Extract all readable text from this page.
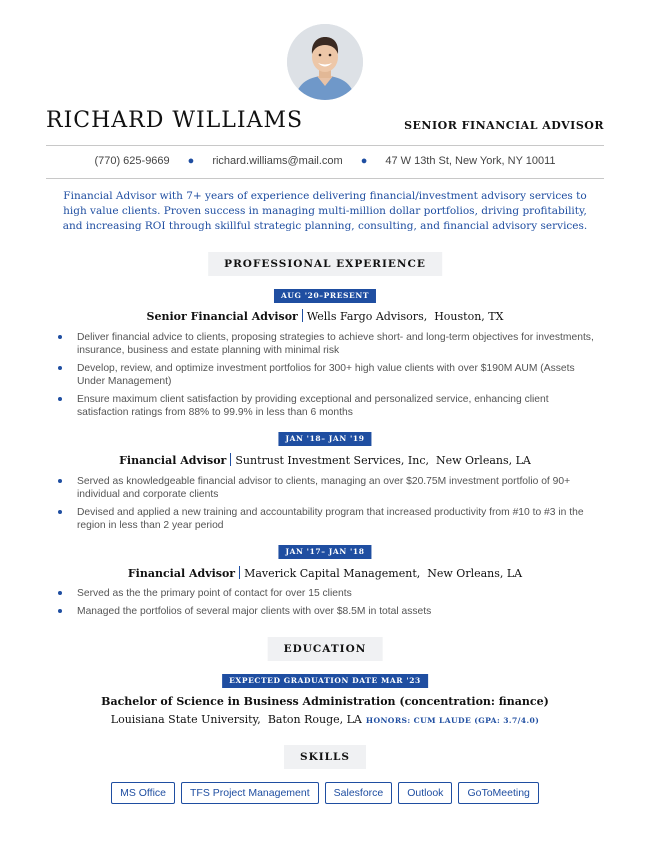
RICHARD WILLIAMS	SENIOR FINANCIAL ADVISOR
(770) 625-9669 ● richard.williams@mail.com ● 47 W 13th St, New York, NY 10011
Financial Advisor with 7+ years of experience delivering financial/investment advisory services to high value clients. Proven success in managing multi-million dollar portfolios, driving profitability, and increasing ROI through skillful strategic planning, consulting, and financial advisory services.
PROFESSIONAL EXPERIENCE
AUG '20–PRESENT
Senior Financial Advisor Wells Fargo Advisors, Houston, TX
Deliver financial advice to clients, proposing strategies to achieve short- and long-term objectives for investments, insurance, business and estate planning with minimal risk
Develop, review, and optimize investment portfolios for 300+ high value clients with over $190M AUM (Assets Under Management)
Ensure maximum client satisfaction by providing exceptional and personalized service, enhancing client satisfaction ratings from 88% to 99.9% in less than 6 months
JAN '18– JAN '19
Financial Advisor Suntrust Investment Services, Inc, New Orleans, LA
Served as knowledgeable financial advisor to clients, managing an over $20.75M investment portfolio of 90+ individual and corporate clients
Devised and applied a new training and accountability program that increased productivity from #10 to #3 in the region in less than 2 year period
JAN '17– JAN '18
Financial Advisor Maverick Capital Management, New Orleans, LA
Served as the the primary point of contact for over 15 clients
Managed the portfolios of several major clients with over $8.5M in total assets
EDUCATION
EXPECTED GRADUATION DATE MAR '23
Bachelor of Science in Business Administration (concentration: finance)
Louisiana State University, Baton Rouge, LA HONORS: CUM LAUDE (GPA: 3.7/4.0)
SKILLS
MS Office	TFS Project Management	Salesforce	Outlook	GoToMeeting
